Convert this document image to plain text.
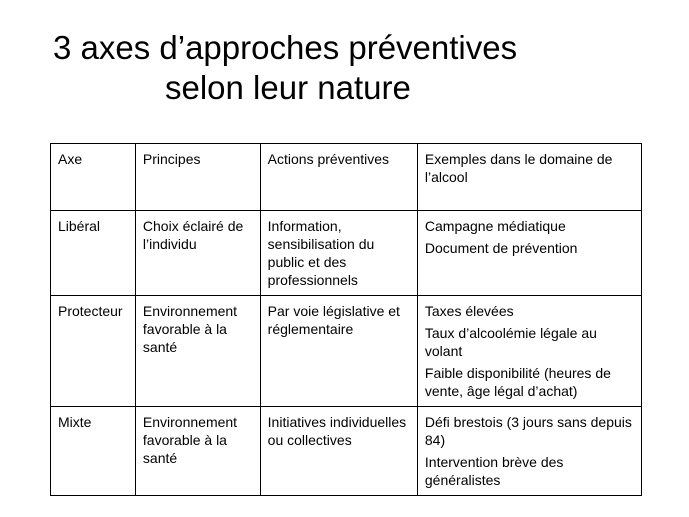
3 axes d’approches préventives
selon leur nature
Axe	Principes	Actions préventives	Exemples dans le domaine de l’alcool
Libéral	Choix éclairé de l’individu	Information, sensibilisation du public et des professionnels	Campagne médiatique
Document de prévention

Protecteur	Environnement favorable à la santé	Par voie législative et réglementaire	Taxes élevées
Taux d’alcoolémie légale au volant
Faible disponibilité (heures de vente, âge légal d’achat)

Mixte	Environnement favorable à la santé	Initiatives individuelles ou collectives	Défi brestois (3 jours sans depuis 84)
Intervention brève des généralistes
